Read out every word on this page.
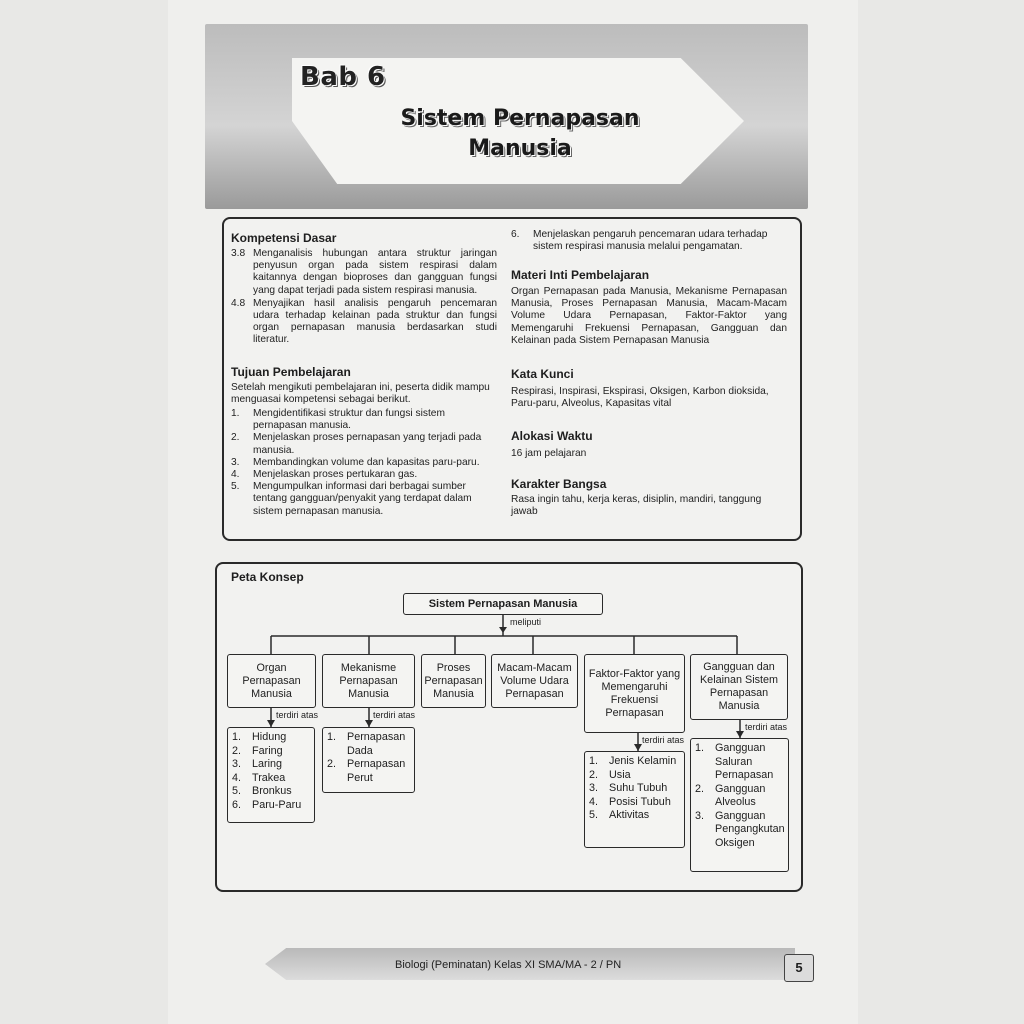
Bab 6
Sistem Pernapasan
Manusia
Kompetensi Dasar
3.8 Menganalisis hubungan antara struktur jaringan penyusun organ pada sistem respirasi dalam kaitannya dengan bioproses dan gangguan fungsi yang dapat terjadi pada sistem respirasi manusia.
4.8 Menyajikan hasil analisis pengaruh pencemaran udara terhadap kelainan pada struktur dan fungsi organ pernapasan manusia berdasarkan studi literatur.
Tujuan Pembelajaran
Setelah mengikuti pembelajaran ini, peserta didik mampu menguasai kompetensi sebagai berikut.
1. Mengidentifikasi struktur dan fungsi sistem pernapasan manusia.
2. Menjelaskan proses pernapasan yang terjadi pada manusia.
3. Membandingkan volume dan kapasitas paru-paru.
4. Menjelaskan proses pertukaran gas.
5. Mengumpulkan informasi dari berbagai sumber tentang gangguan/penyakit yang terdapat dalam sistem pernapasan manusia.
6. Menjelaskan pengaruh pencemaran udara terhadap sistem respirasi manusia melalui pengamatan.
Materi Inti Pembelajaran
Organ Pernapasan pada Manusia, Mekanisme Pernapasan Manusia, Proses Pernapasan Manusia, Macam-Macam Volume Udara Pernapasan, Faktor-Faktor yang Memengaruhi Frekuensi Pernapasan, Gangguan dan Kelainan pada Sistem Pernapasan Manusia
Kata Kunci
Respirasi, Inspirasi, Ekspirasi, Oksigen, Karbon dioksida, Paru-paru, Alveolus, Kapasitas vital
Alokasi Waktu
16 jam pelajaran
Karakter Bangsa
Rasa ingin tahu, kerja keras, disiplin, mandiri, tanggung jawab
Peta Konsep
Sistem Pernapasan Manusia
meliputi
Organ Pernapasan Manusia
Mekanisme Pernapasan Manusia
Proses Pernapasan Manusia
Macam-Macam Volume Udara Pernapasan
Faktor-Faktor yang Memengaruhi Frekuensi Pernapasan
Gangguan dan Kelainan Sistem Pernapasan Manusia
terdiri atas	terdiri atas
terdiri atas
terdiri atas
1. Hidung
2. Faring
3. Laring
4. Trakea
5. Bronkus
6. Paru-Paru
1. Pernapasan Dada
2. Pernapasan Perut
1. Jenis Kelamin
2. Usia
3. Suhu Tubuh
4. Posisi Tubuh
5. Aktivitas
1. Gangguan Saluran Pernapasan
2. Gangguan Alveolus
3. Gangguan Pengangkutan Oksigen
Biologi (Peminatan) Kelas XI SMA/MA - 2 / PN	5
